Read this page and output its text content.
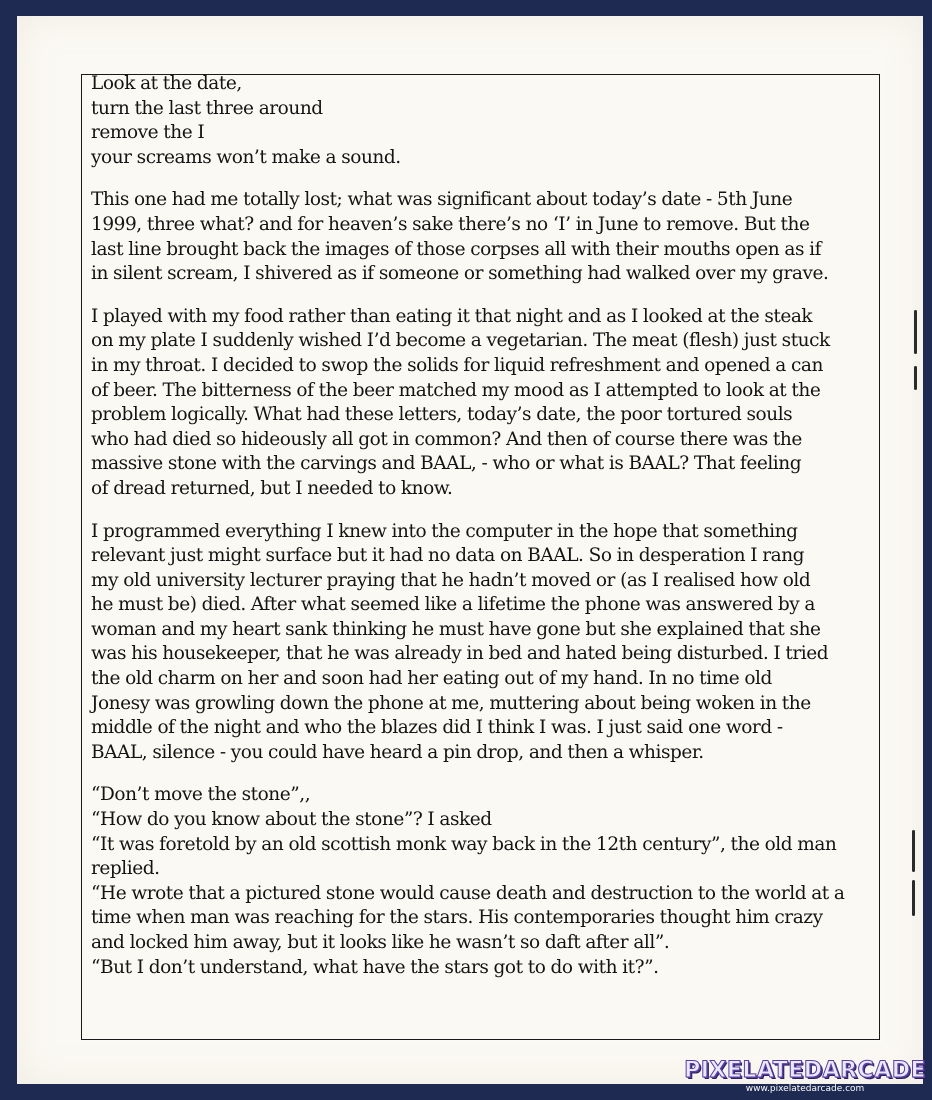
Look at the date,
turn the last three around
remove the I
your screams won’t make a sound.

This one had me totally lost; what was significant about today’s date - 5th June
1999, three what? and for heaven’s sake there’s no ‘I’ in June to remove. But the
last line brought back the images of those corpses all with their mouths open as if
in silent scream, I shivered as if someone or something had walked over my grave.

I played with my food rather than eating it that night and as I looked at the steak
on my plate I suddenly wished I’d become a vegetarian. The meat (flesh) just stuck
in my throat. I decided to swop the solids for liquid refreshment and opened a can
of beer. The bitterness of the beer matched my mood as I attempted to look at the
problem logically. What had these letters, today’s date, the poor tortured souls
who had died so hideously all got in common? And then of course there was the
massive stone with the carvings and BAAL, - who or what is BAAL? That feeling
of dread returned, but I needed to know.

I programmed everything I knew into the computer in the hope that something
relevant just might surface but it had no data on BAAL. So in desperation I rang
my old university lecturer praying that he hadn’t moved or (as I realised how old
he must be) died. After what seemed like a lifetime the phone was answered by a
woman and my heart sank thinking he must have gone but she explained that she
was his housekeeper, that he was already in bed and hated being disturbed. I tried
the old charm on her and soon had her eating out of my hand. In no time old
Jonesy was growling down the phone at me, muttering about being woken in the
middle of the night and who the blazes did I think I was. I just said one word -
BAAL, silence - you could have heard a pin drop, and then a whisper.

“Don’t move the stone”,,
“How do you know about the stone”? I asked
“It was foretold by an old scottish monk way back in the 12th century”, the old man
replied.
“He wrote that a pictured stone would cause death and destruction to the world at a
time when man was reaching for the stars. His contemporaries thought him crazy
and locked him away, but it looks like he wasn’t so daft after all”.
“But I don’t understand, what have the stars got to do with it?”.

PIXELATEDARCADE
www.pixelatedarcade.com
